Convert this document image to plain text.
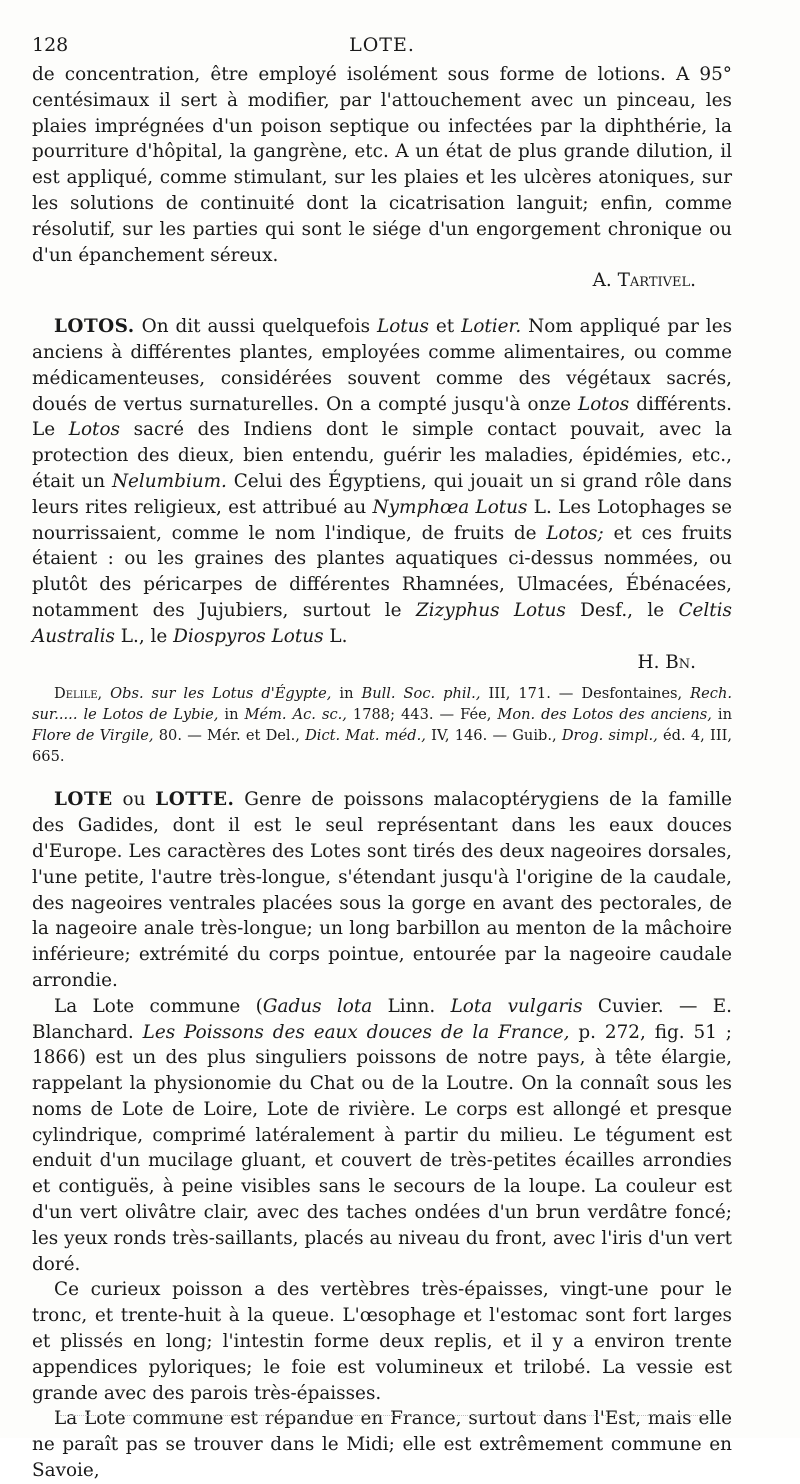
128	LOTE.

de concentration, être employé isolément sous forme de lotions. A 95° centésimaux il sert à modifier, par l'attouchement avec un pinceau, les plaies imprégnées d'un poison septique ou infectées par la diphthérie, la pourriture d'hôpital, la gangrène, etc. A un état de plus grande dilution, il est appliqué, comme stimulant, sur les plaies et les ulcères atoniques, sur les solutions de continuité dont la cicatrisation languit; enfin, comme résolutif, sur les parties qui sont le siége d'un engorgement chronique ou d'un épanchement séreux.

A. Tartivel.

LOTOS. On dit aussi quelquefois Lotus et Lotier. Nom appliqué par les anciens à différentes plantes, employées comme alimentaires, ou comme médicamenteuses, considérées souvent comme des végétaux sacrés, doués de vertus surnaturelles. On a compté jusqu'à onze Lotos différents. Le Lotos sacré des Indiens dont le simple contact pouvait, avec la protection des dieux, bien entendu, guérir les maladies, épidémies, etc., était un Nelumbium. Celui des Égyptiens, qui jouait un si grand rôle dans leurs rites religieux, est attribué au Nymphœa Lotus L. Les Lotophages se nourrissaient, comme le nom l'indique, de fruits de Lotos; et ces fruits étaient : ou les graines des plantes aquatiques ci-dessus nommées, ou plutôt des péricarpes de différentes Rhamnées, Ulmacées, Ébénacées, notamment des Jujubiers, surtout le Zizyphus Lotus Desf., le Celtis Australis L., le Diospyros Lotus L.

H. Bn.

Delile, Obs. sur les Lotus d'Égypte, in Bull. Soc. phil., III, 171. — Desfontaines, Rech. sur..... le Lotos de Lybie, in Mém. Ac. sc., 1788; 443. — Fée, Mon. des Lotos des anciens, in Flore de Virgile, 80. — Mér. et Del., Dict. Mat. méd., IV, 146. — Guib., Drog. simpl., éd. 4, III, 665.

LOTE ou LOTTE. Genre de poissons malacoptérygiens de la famille des Gadides, dont il est le seul représentant dans les eaux douces d'Europe. Les caractères des Lotes sont tirés des deux nageoires dorsales, l'une petite, l'autre très-longue, s'étendant jusqu'à l'origine de la caudale, des nageoires ventrales placées sous la gorge en avant des pectorales, de la nageoire anale très-longue; un long barbillon au menton de la mâchoire inférieure; extrémité du corps pointue, entourée par la nageoire caudale arrondie.

La Lote commune (Gadus lota Linn. Lota vulgaris Cuvier. — E. Blanchard. Les Poissons des eaux douces de la France, p. 272, fig. 51 ; 1866) est un des plus singuliers poissons de notre pays, à tête élargie, rappelant la physionomie du Chat ou de la Loutre. On la connaît sous les noms de Lote de Loire, Lote de rivière. Le corps est allongé et presque cylindrique, comprimé latéralement à partir du milieu. Le tégument est enduit d'un mucilage gluant, et couvert de très-petites écailles arrondies et contiguës, à peine visibles sans le secours de la loupe. La couleur est d'un vert olivâtre clair, avec des taches ondées d'un brun verdâtre foncé; les yeux ronds très-saillants, placés au niveau du front, avec l'iris d'un vert doré.

Ce curieux poisson a des vertèbres très-épaisses, vingt-une pour le tronc, et trente-huit à la queue. L'œsophage et l'estomac sont fort larges et plissés en long; l'intestin forme deux replis, et il y a environ trente appendices pyloriques; le foie est volumineux et trilobé. La vessie est grande avec des parois très-épaisses.

La Lote commune est répandue en France, surtout dans l'Est, mais elle ne paraît pas se trouver dans le Midi; elle est extrêmement commune en Savoie,
